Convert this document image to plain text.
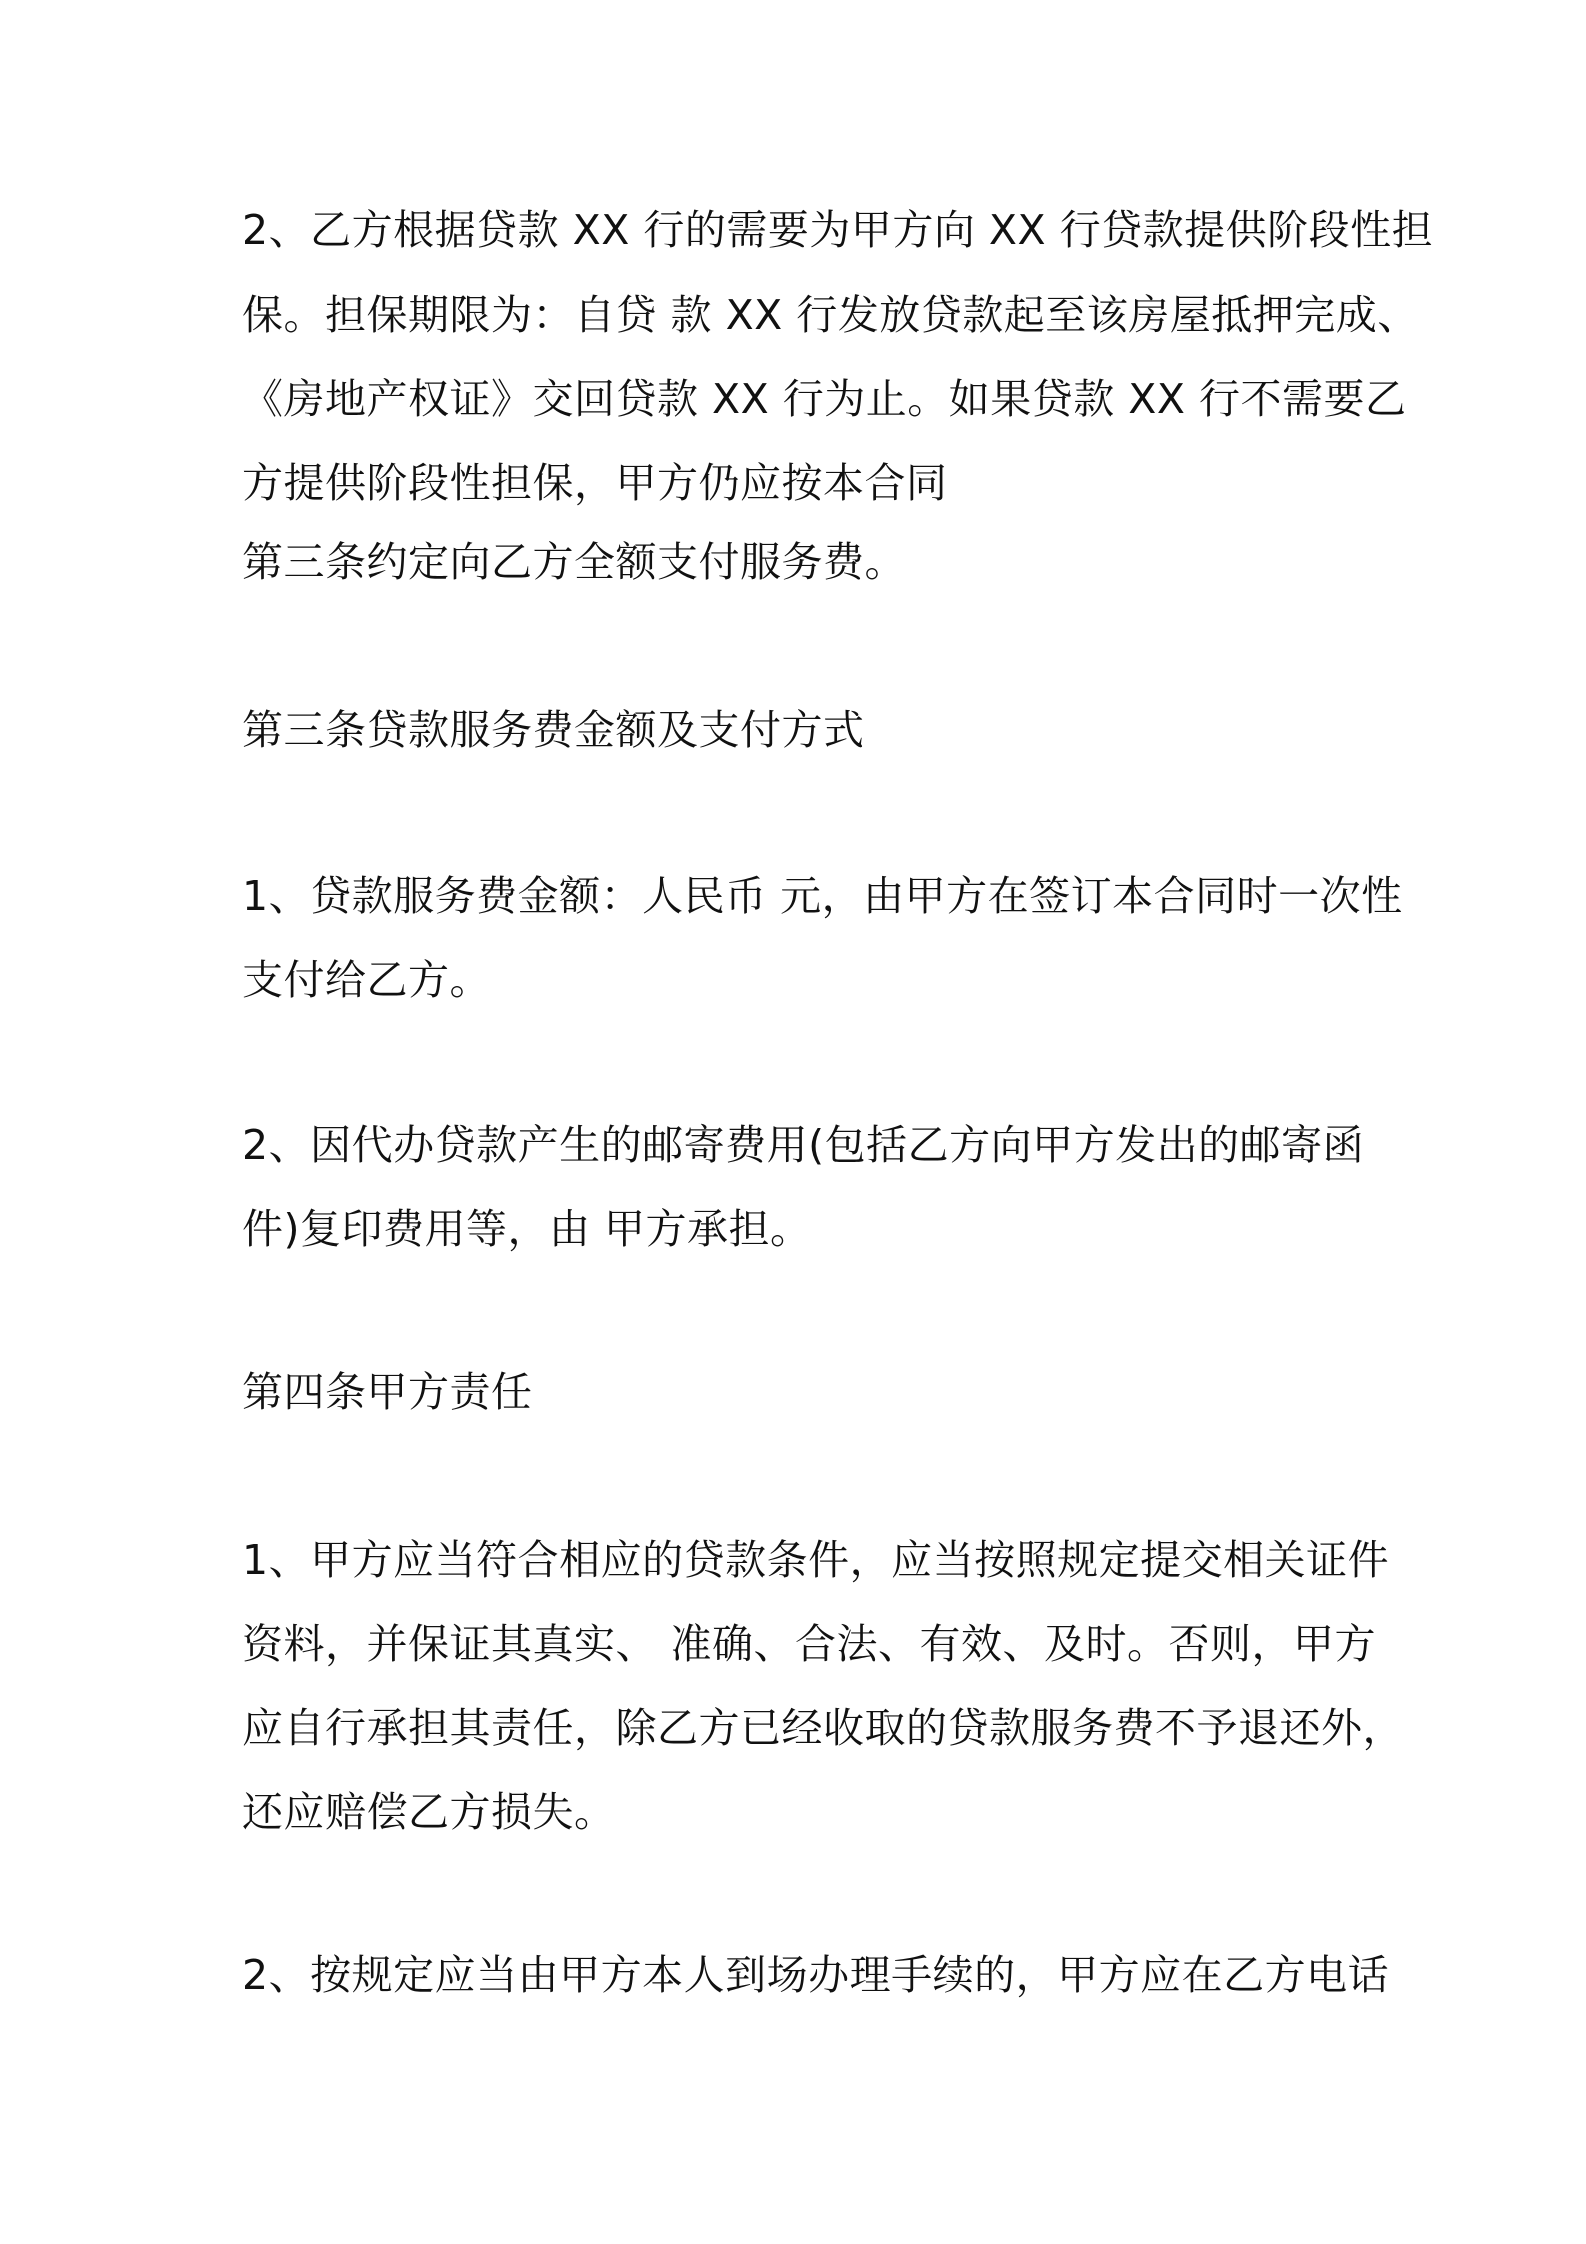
2、乙方根据贷款 XX 行的需要为甲方向 XX 行贷款提供阶段性担

保。担保期限为：自贷 款 XX 行发放贷款起至该房屋抵押完成、

《房地产权证》交回贷款 XX 行为止。如果贷款 XX 行不需要乙

方提供阶段性担保，甲方仍应按本合同

第三条约定向乙方全额支付服务费。

第三条贷款服务费金额及支付方式

1、贷款服务费金额：人民币 元，由甲方在签订本合同时一次性

支付给乙方。

2、因代办贷款产生的邮寄费用(包括乙方向甲方发出的邮寄函

件)复印费用等，由 甲方承担。

第四条甲方责任

1、甲方应当符合相应的贷款条件，应当按照规定提交相关证件

资料，并保证其真实、 准确、合法、有效、及时。否则，甲方

应自行承担其责任，除乙方已经收取的贷款服务费不予退还外，

还应赔偿乙方损失。

2、按规定应当由甲方本人到场办理手续的，甲方应在乙方电话
